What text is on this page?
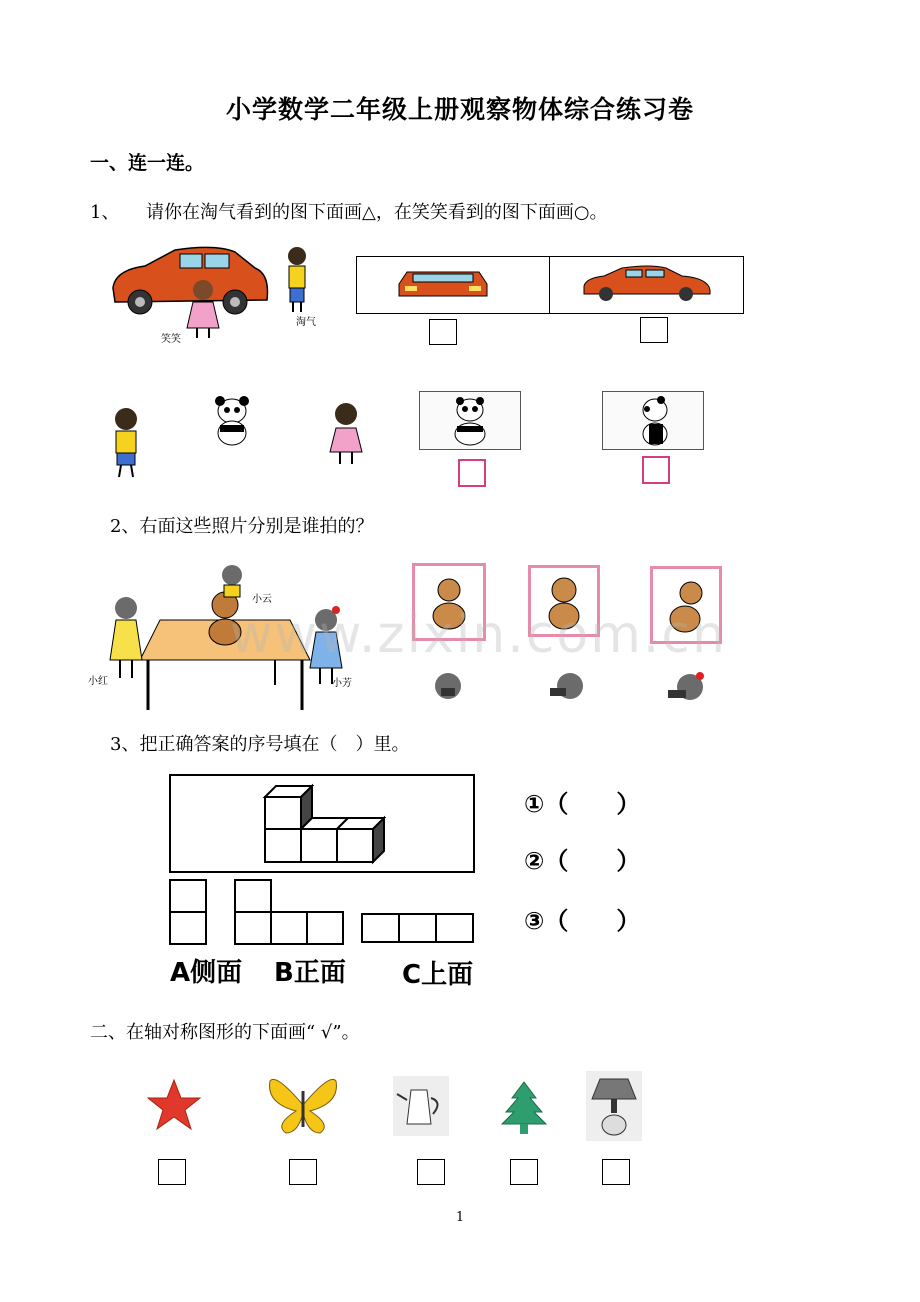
小学数学二年级上册观察物体综合练习卷
一、连一连。
1、 请你在淘气看到的图下面画△，在笑笑看到的图下面画○。
笑笑
淘气
2、右面这些照片分别是谁拍的？
小云
小红	小芳
www.zixin.com.cn
3、把正确答案的序号填在（　）里。
A侧面 B正面 C上面
①（　　）
②（　　）
③（　　）
二、在轴对称图形的下面画“ √”。
1
